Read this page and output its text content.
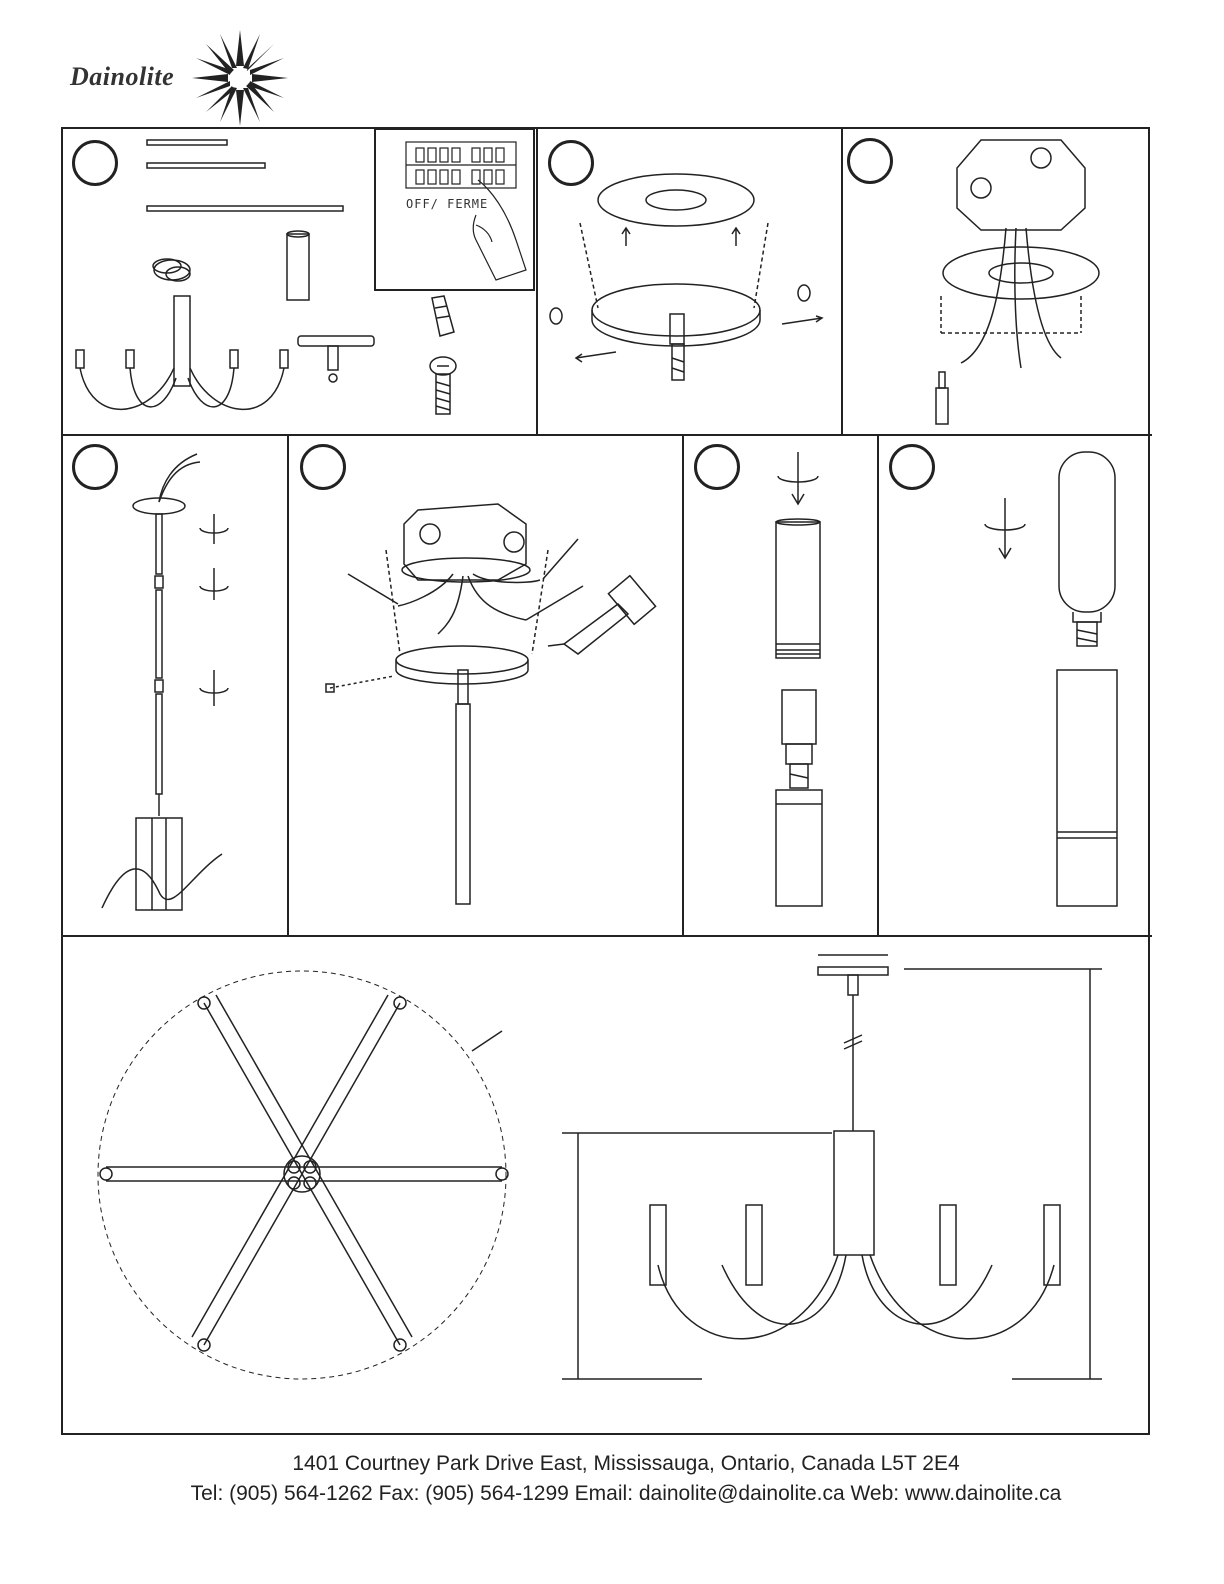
Dainolite
OFF/ FERME
1401 Courtney Park Drive East, Mississauga, Ontario, Canada L5T 2E4
Tel: (905) 564-1262 Fax: (905) 564-1299 Email: dainolite@dainolite.ca Web: www.dainolite.ca
